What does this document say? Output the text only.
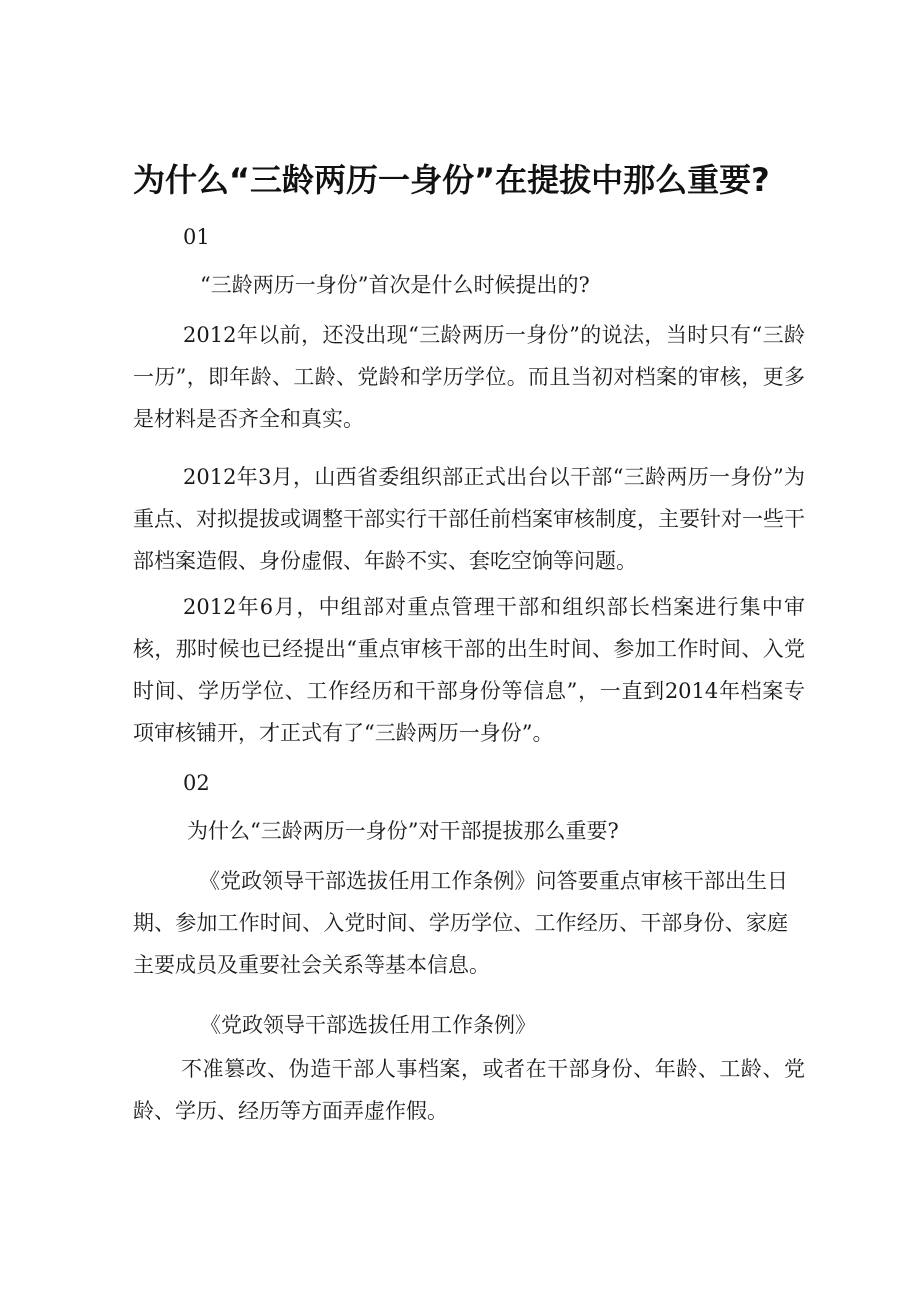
为什么“三龄两历一身份”在提拔中那么重要?
01
“三龄两历一身份”首次是什么时候提出的?
2012年以前，还没出现“三龄两历一身份”的说法，当时只有“三龄一历”，即年龄、工龄、党龄和学历学位。而且当初对档案的审核，更多是材料是否齐全和真实。
2012年3月，山西省委组织部正式出台以干部“三龄两历一身份”为重点、对拟提拔或调整干部实行干部任前档案审核制度，主要针对一些干部档案造假、身份虚假、年龄不实、套吃空饷等问题。
2012年6月，中组部对重点管理干部和组织部长档案进行集中审核，那时候也已经提出“重点审核干部的出生时间、参加工作时间、入党时间、学历学位、工作经历和干部身份等信息”，一直到2014年档案专项审核铺开，才正式有了“三龄两历一身份”。
02
为什么“三龄两历一身份”对干部提拔那么重要?
《党政领导干部选拔任用工作条例》问答要重点审核干部出生日期、参加工作时间、入党时间、学历学位、工作经历、干部身份、家庭主要成员及重要社会关系等基本信息。
《党政领导干部选拔任用工作条例》
不准篡改、伪造干部人事档案，或者在干部身份、年龄、工龄、党龄、学历、经历等方面弄虚作假。
